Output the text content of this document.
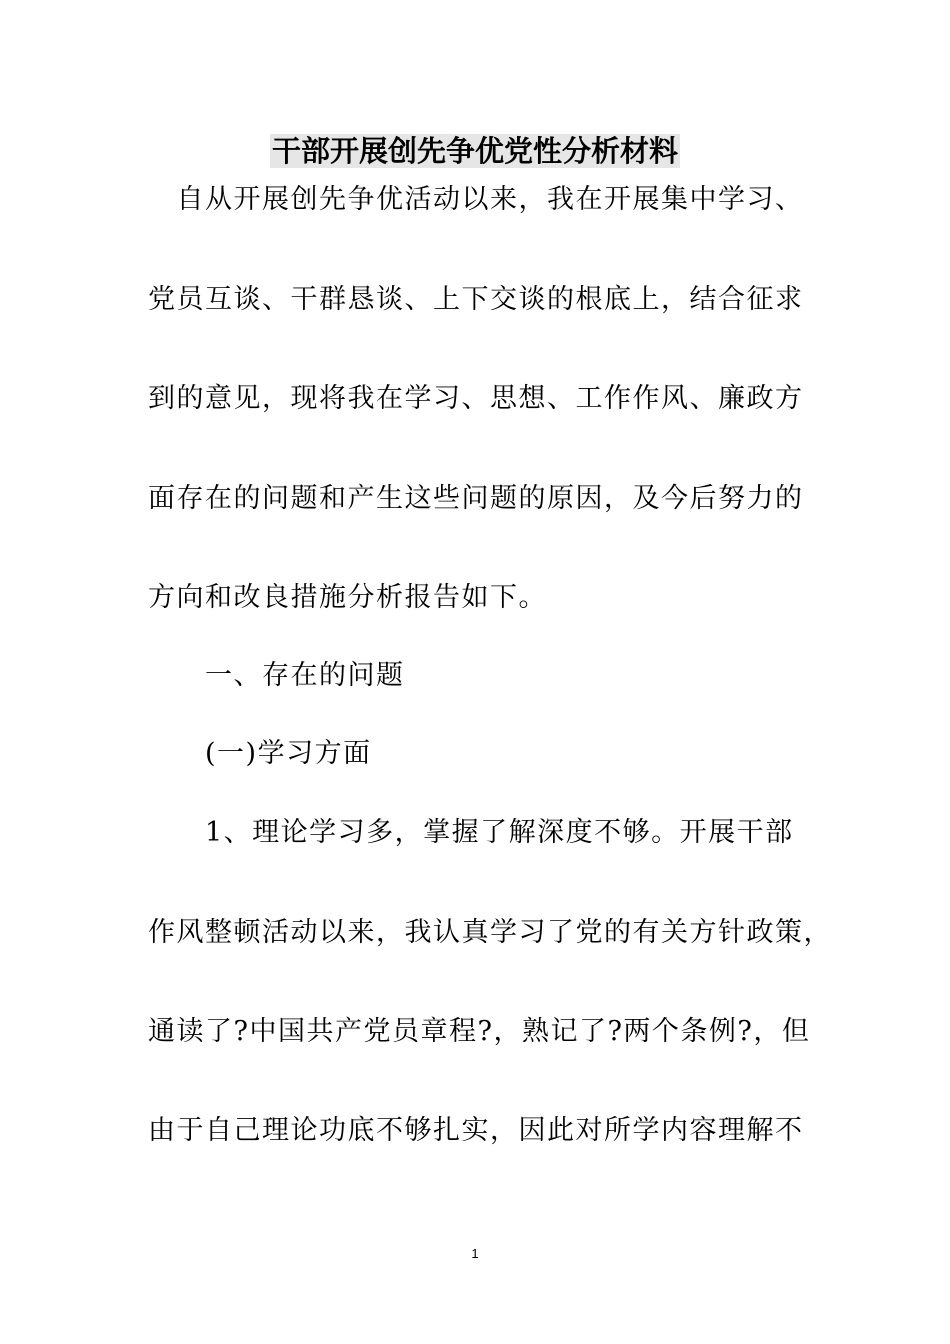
干部开展创先争优党性分析材料
　自从开展创先争优活动以来，我在开展集中学习、
党员互谈、干群恳谈、上下交谈的根底上，结合征求
到的意见，现将我在学习、思想、工作作风、廉政方
面存在的问题和产生这些问题的原因，及今后努力的
方向和改良措施分析报告如下。
　　一、存在的问题
　　(一)学习方面
　　1、理论学习多，掌握了解深度不够。开展干部
作风整顿活动以来，我认真学习了党的有关方针政策，
通读了?中国共产党员章程?，熟记了?两个条例?，但
由于自己理论功底不够扎实，因此对所学内容理解不
1
